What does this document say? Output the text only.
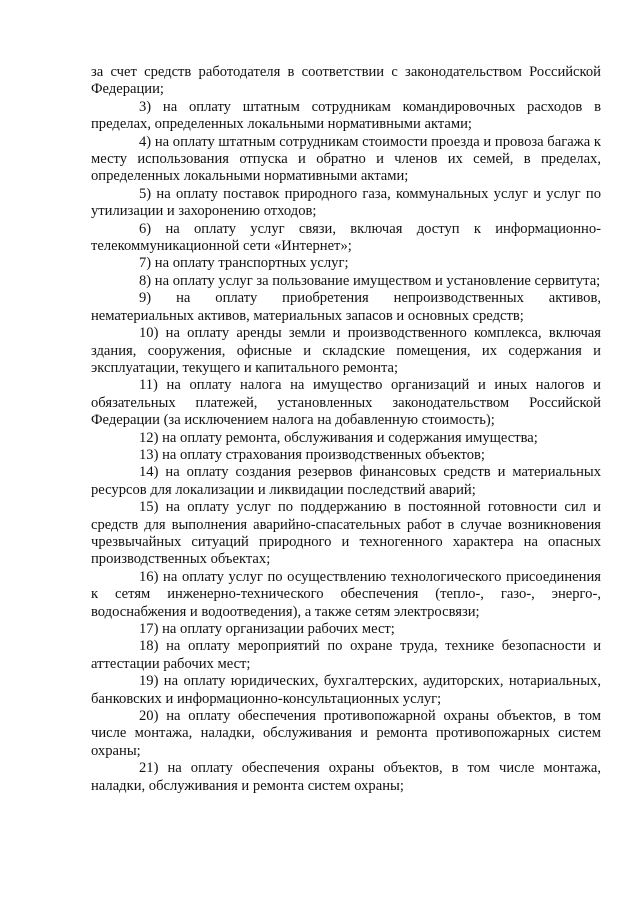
за счет средств работодателя в соответствии с законодательством Российской Федерации;

3) на оплату штатным сотрудникам командировочных расходов в пределах, определенных локальными нормативными актами;

4) на оплату штатным сотрудникам стоимости проезда и провоза багажа к месту использования отпуска и обратно и членов их семей, в пределах, определенных локальными нормативными актами;

5) на оплату поставок природного газа, коммунальных услуг и услуг по утилизации и захоронению отходов;

6) на оплату услуг связи, включая доступ к информационно-телекоммуникационной сети «Интернет»;

7) на оплату транспортных услуг;

8) на оплату услуг за пользование имуществом и установление сервитута;

9) на оплату приобретения непроизводственных активов, нематериальных активов, материальных запасов и основных средств;

10) на оплату аренды земли и производственного комплекса, включая здания, сооружения, офисные и складские помещения, их содержания и эксплуатации, текущего и капитального ремонта;

11) на оплату налога на имущество организаций и иных налогов и обязательных платежей, установленных законодательством Российской Федерации (за исключением налога на добавленную стоимость);

12) на оплату ремонта, обслуживания и содержания имущества;

13) на оплату страхования производственных объектов;

14) на оплату создания резервов финансовых средств и материальных ресурсов для локализации и ликвидации последствий аварий;

15) на оплату услуг по поддержанию в постоянной готовности сил и средств для выполнения аварийно-спасательных работ в случае возникновения чрезвычайных ситуаций природного и техногенного характера на опасных производственных объектах;

16) на оплату услуг по осуществлению технологического присоединения к сетям инженерно-технического обеспечения (тепло-, газо-, энерго-, водоснабжения и водоотведения), а также сетям электросвязи;

17) на оплату организации рабочих мест;

18) на оплату мероприятий по охране труда, технике безопасности и аттестации рабочих мест;

19) на оплату юридических, бухгалтерских, аудиторских, нотариальных, банковских и информационно-консультационных услуг;

20) на оплату обеспечения противопожарной охраны объектов, в том числе монтажа, наладки, обслуживания и ремонта противопожарных систем охраны;

21) на оплату обеспечения охраны объектов, в том числе монтажа, наладки, обслуживания и ремонта систем охраны;
